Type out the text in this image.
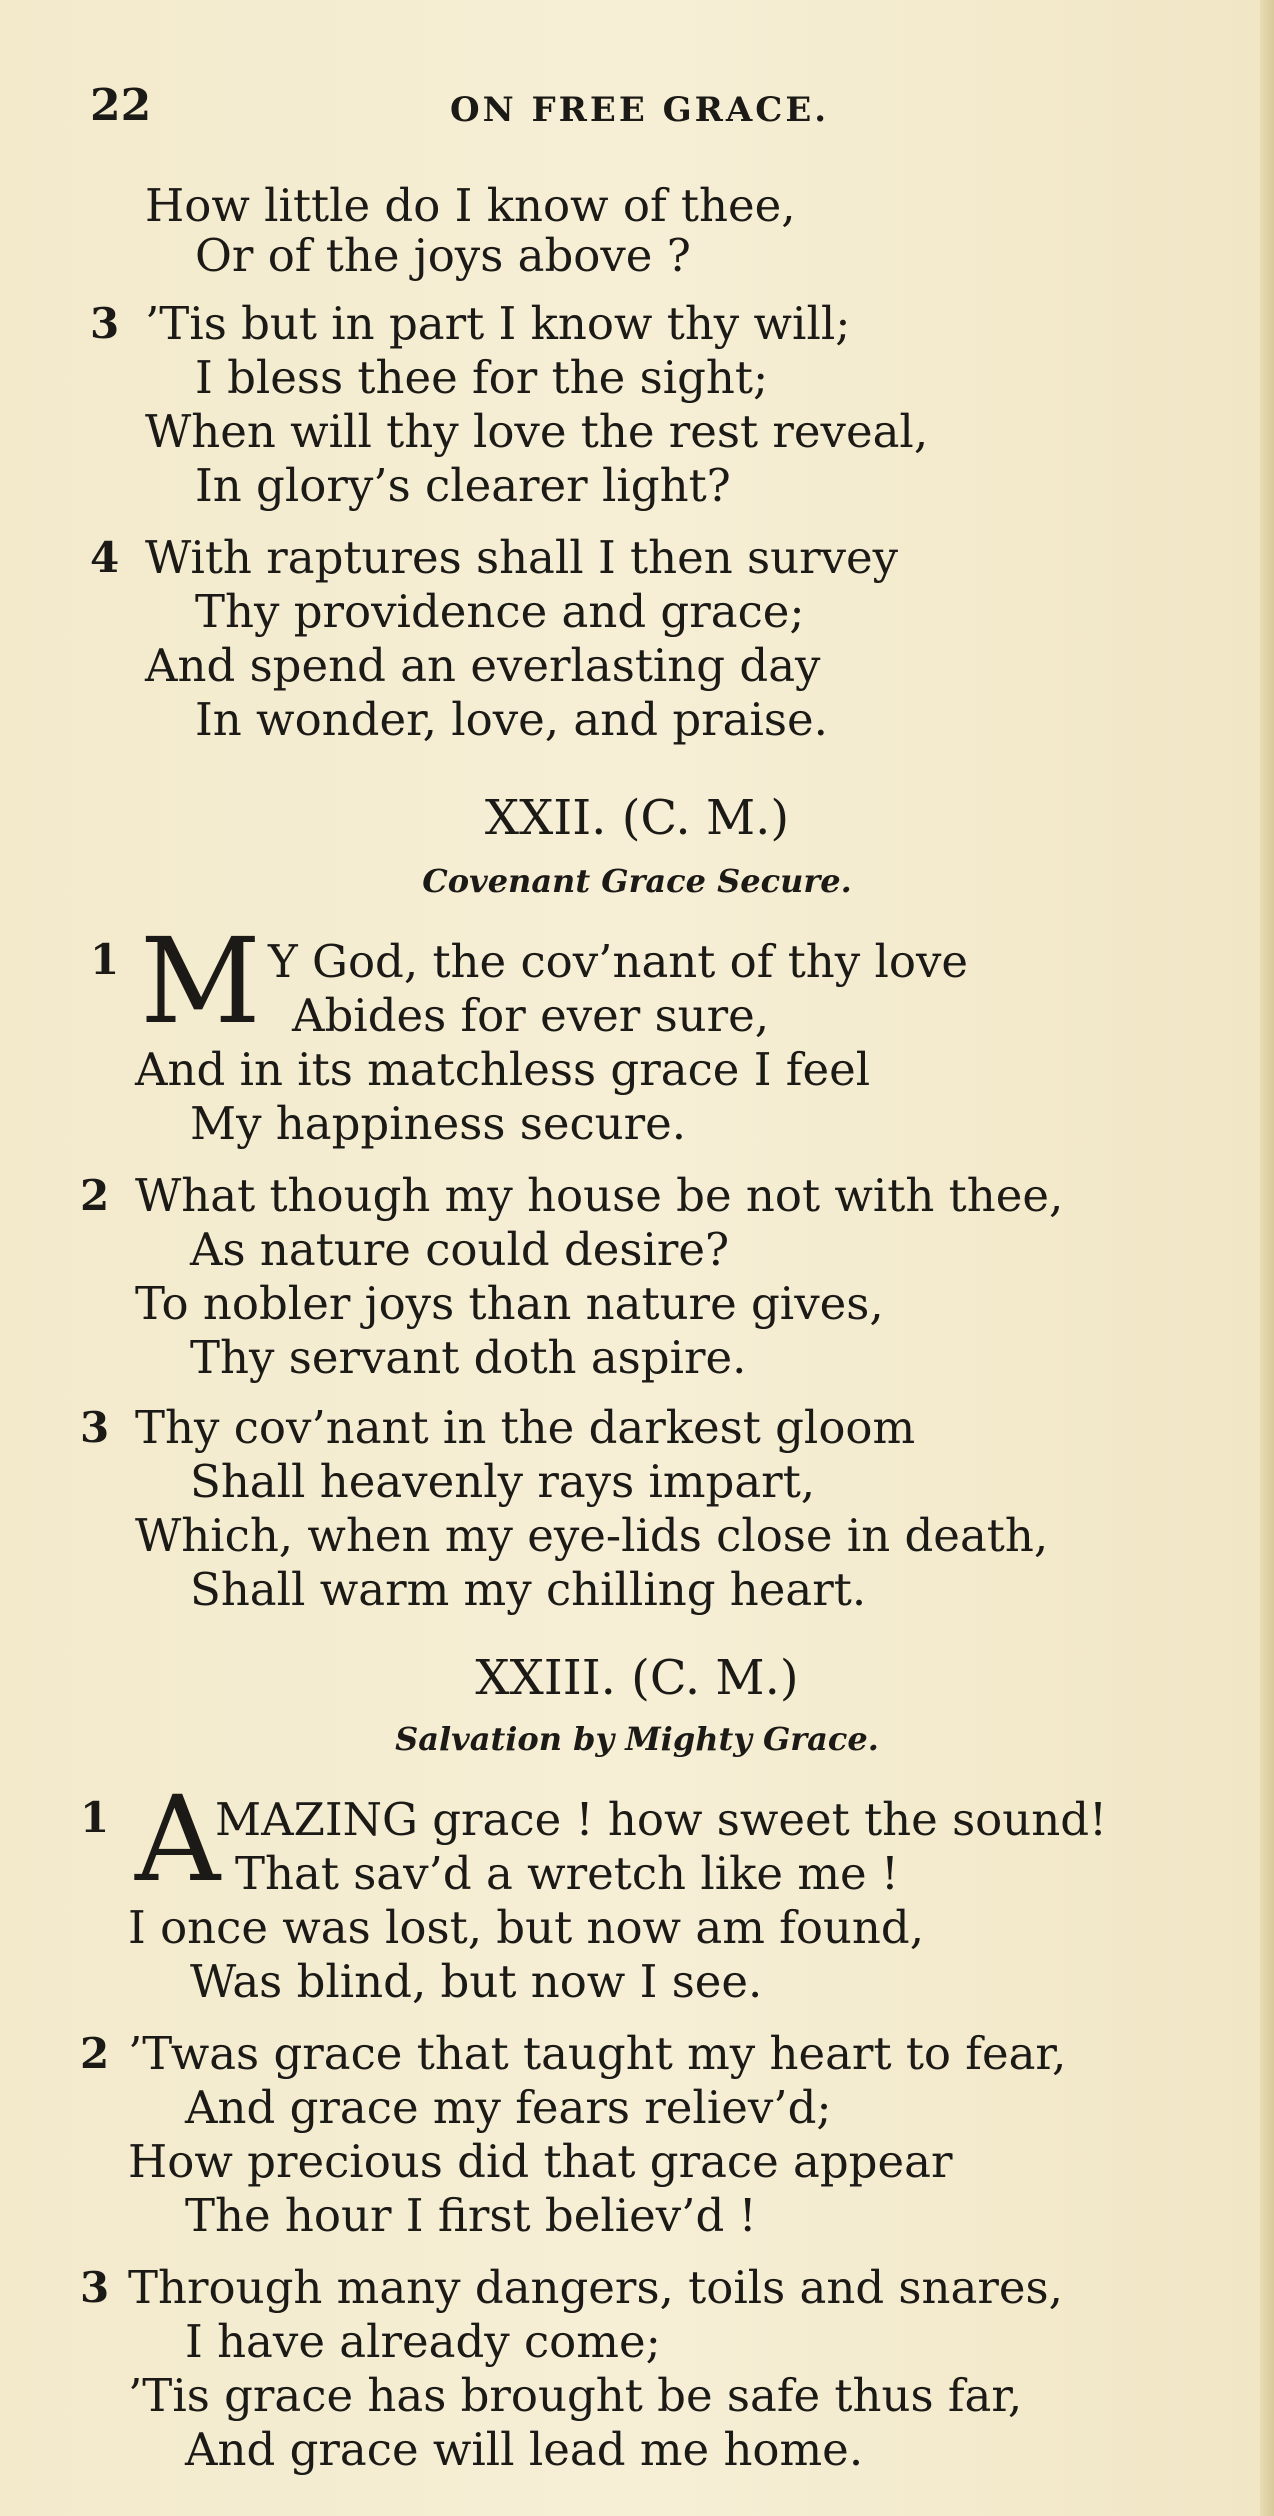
22	ON FREE GRACE.
How little do I know of thee,
Or of the joys above ?
3 ’Tis but in part I know thy will;
I bless thee for the sight;
When will thy love the rest reveal,
In glory’s clearer light?
4 With raptures shall I then survey
Thy providence and grace;
And spend an everlasting day
In wonder, love, and praise.
XXII. (C. M.)
Covenant Grace Secure.
1 M Y God, the cov’nant of thy love
Abides for ever sure,
And in its matchless grace I feel
My happiness secure.
2 What though my house be not with thee,
As nature could desire?
To nobler joys than nature gives,
Thy servant doth aspire.
3 Thy cov’nant in the darkest gloom
Shall heavenly rays impart,
Which, when my eye-lids close in death,
Shall warm my chilling heart.
XXIII. (C. M.)
Salvation by Mighty Grace.
1 A
MAZING grace ! how sweet the sound!
That sav’d a wretch like me !
I once was lost, but now am found,
Was blind, but now I see.
2 ’Twas grace that taught my heart to fear,
And grace my fears reliev’d;
How precious did that grace appear
The hour I first believ’d !
3 Through many dangers, toils and snares,
I have already come;
’Tis grace has brought be safe thus far,
And grace will lead me home.
